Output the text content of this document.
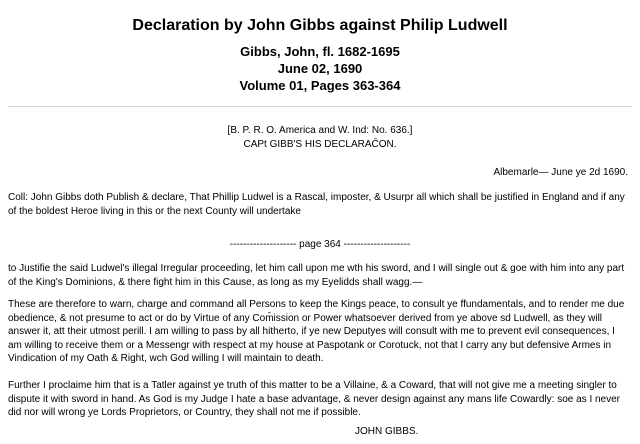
Declaration by John Gibbs against Philip Ludwell

Gibbs, John, fl. 1682-1695

June 02, 1690

Volume 01, Pages 363-364

[B. P. R. O. America and W. Ind: No. 636.]
CAPt GIBB'S HIS DECLARAC̄ON.

Albemarle— June ye 2d 1690.

Coll: John Gibbs doth Publish & declare, That Phillip Ludwel is a Rascal, imposter, & Usurpr all which shall be justified in England and if any of the boldest Heroe living in this or the next County will undertake

-------------------- page 364 --------------------

to Justifie the said Ludwel's illegal Irregular proceeding, let him call upon me wth his sword, and I will single out & goe with him into any part of the King's Dominions, & there fight him in this Cause, as long as my Eyelidds shall wagg.—

These are therefore to warn, charge and command all Persons to keep the Kings peace, to consult ye ffundamentals, and to render me due obedience, & not presume to act or do by Virtue of any Com̄ission or Power whatsoever derived from ye above sd Ludwell, as they will answer it, att their utmost perill. I am willing to pass by all hitherto, if ye new Deputyes will consult with me to prevent evil consequences, I am willing to receive them or a Messengr with respect at my house at Paspotank or Corotuck, not that I carry any but defensive Armes in Vindication of my Oath & Right, wch God willing I will maintain to death.

Further I proclaime him that is a Tatler against ye truth of this matter to be a Villaine, & a Coward, that will not give me a meeting singler to dispute it with sword in hand. As God is my Judge I hate a base advantage, & never design against any mans life Cowardly: soe as I never did nor will wrong ye Lords Proprietors, or Country, they shall not me if possible.

JOHN GIBBS.
